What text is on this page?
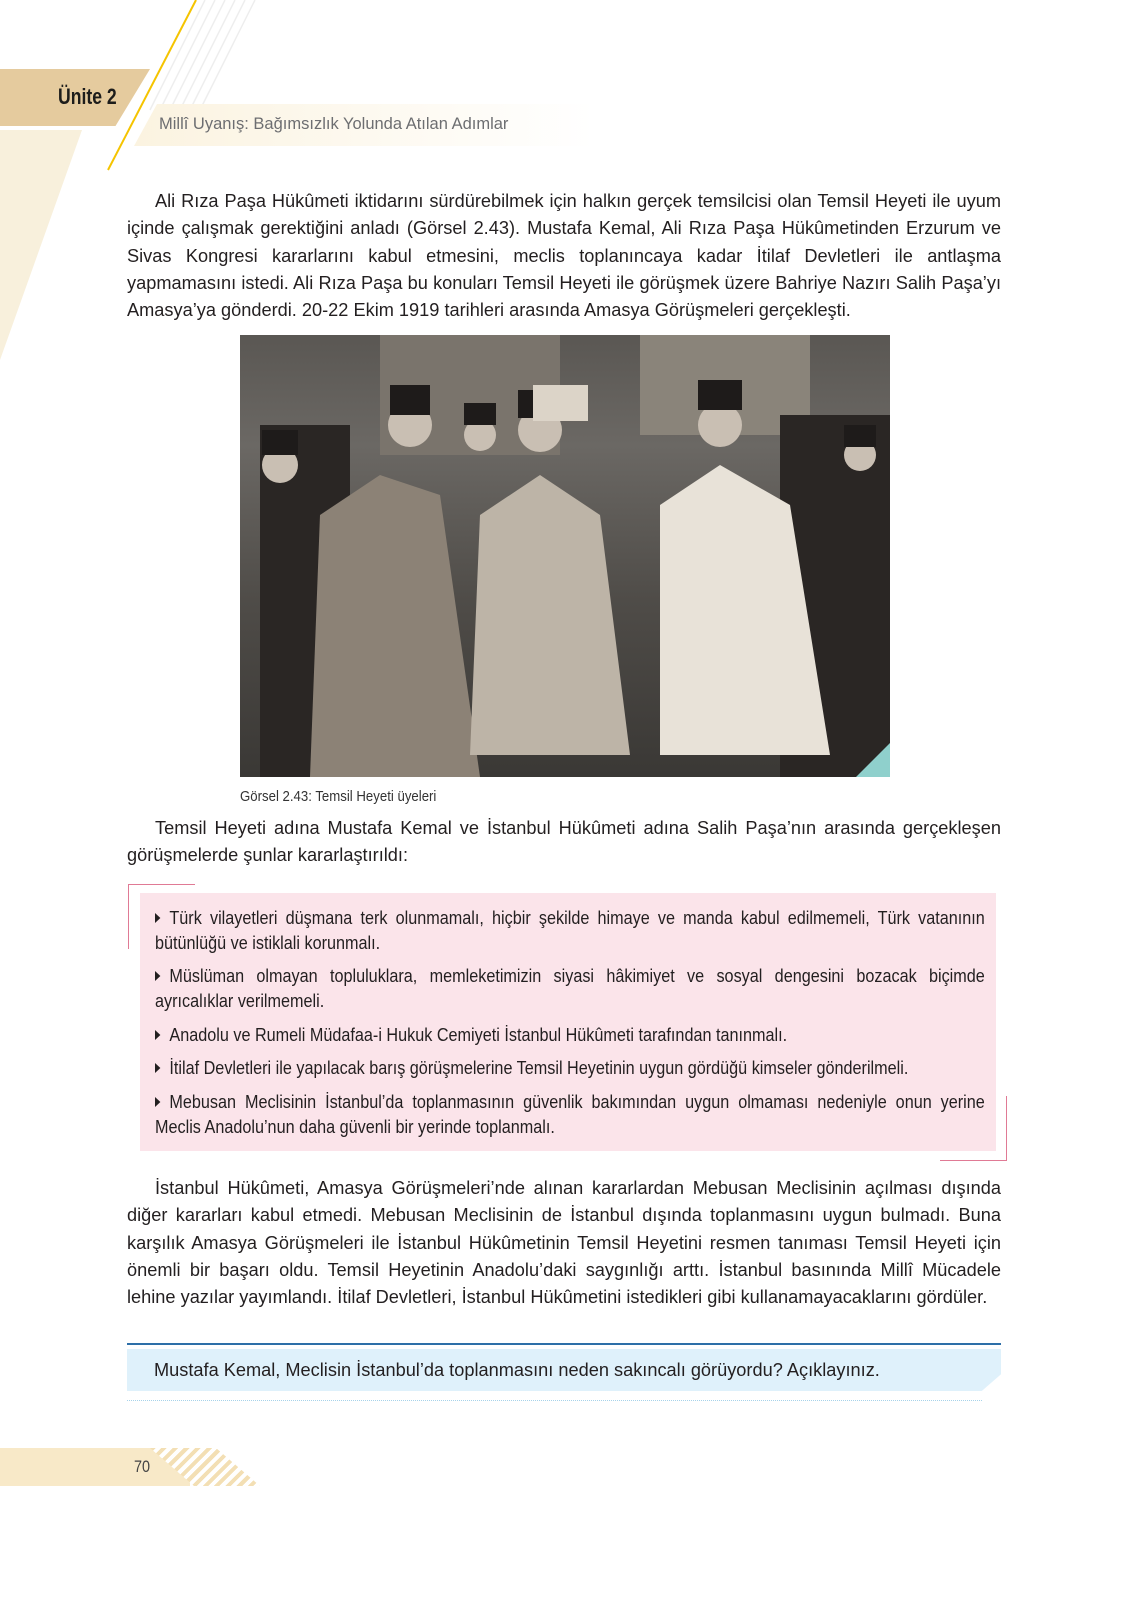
Ünite 2
Millî Uyanış: Bağımsızlık Yolunda Atılan Adımlar
Ali Rıza Paşa Hükûmeti iktidarını sürdürebilmek için halkın gerçek temsilcisi olan Temsil Heyeti ile uyum içinde çalışmak gerektiğini anladı (Görsel 2.43). Mustafa Kemal, Ali Rıza Paşa Hükûmetinden Erzurum ve Sivas Kongresi kararlarını kabul etmesini, meclis toplanıncaya kadar İtilaf Devletleri ile antlaşma yapmamasını istedi. Ali Rıza Paşa bu konuları Temsil Heyeti ile görüşmek üzere Bahriye Nazırı Salih Paşa’yı Amasya’ya gönderdi. 20-22 Ekim 1919 tarihleri arasında Amasya Görüşmeleri gerçekleşti.
Görsel 2.43: Temsil Heyeti üyeleri
Temsil Heyeti adına Mustafa Kemal ve İstanbul Hükûmeti adına Salih Paşa’nın arasında gerçekleşen görüşmelerde şunlar kararlaştırıldı:
Türk vilayetleri düşmana terk olunmamalı, hiçbir şekilde himaye ve manda kabul edilmemeli, Türk vatanının bütünlüğü ve istiklali korunmalı.
Müslüman olmayan topluluklara, memleketimizin siyasi hâkimiyet ve sosyal dengesini bozacak biçimde ayrıcalıklar verilmemeli.
Anadolu ve Rumeli Müdafaa-i Hukuk Cemiyeti İstanbul Hükûmeti tarafından tanınmalı.
İtilaf Devletleri ile yapılacak barış görüşmelerine Temsil Heyetinin uygun gördüğü kimseler gönderilmeli.
Mebusan Meclisinin İstanbul’da toplanmasının güvenlik bakımından uygun olmaması nedeniyle onun yerine Meclis Anadolu’nun daha güvenli bir yerinde toplanmalı.
İstanbul Hükûmeti, Amasya Görüşmeleri’nde alınan kararlardan Mebusan Meclisinin açılması dışında diğer kararları kabul etmedi. Mebusan Meclisinin de İstanbul dışında toplanmasını uygun bulmadı. Buna karşılık Amasya Görüşmeleri ile İstanbul Hükûmetinin Temsil Heyetini resmen tanıması Temsil Heyeti için önemli bir başarı oldu. Temsil Heyetinin Anadolu’daki saygınlığı arttı. İstanbul basınında Millî Mücadele lehine yazılar yayımlandı. İtilaf Devletleri, İstanbul Hükûmetini istedikleri gibi kullanamayacaklarını gördüler.
Mustafa Kemal, Meclisin İstanbul’da toplanmasını neden sakıncalı görüyordu? Açıklayınız.
70
